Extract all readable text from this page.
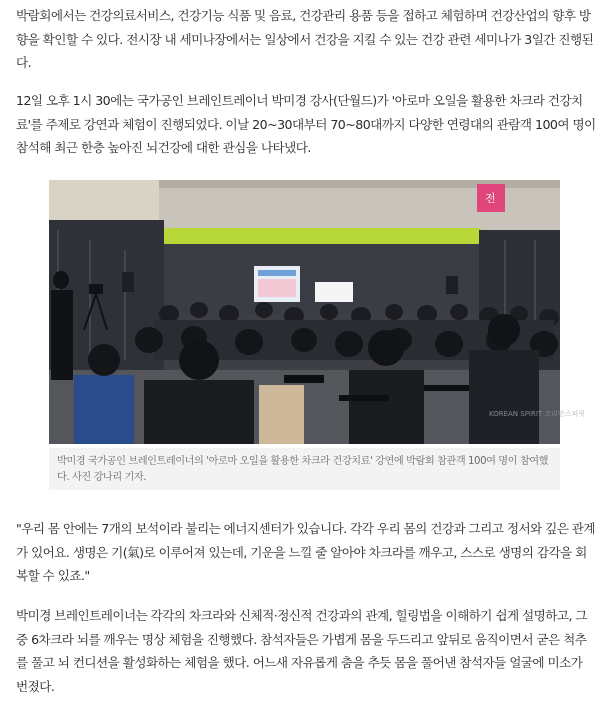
박람회에서는 건강의료서비스, 건강기능 식품 및 음료, 건강관리 용품 등을 접하고 체험하며 건강산업의 향후 방향을 확인할 수 있다. 전시장 내 세미나장에서는 일상에서 건강을 지킬 수 있는 건강 관련 세미나가 3일간 진행된다.

12일 오후 1시 30에는 국가공인 브레인트레이너 박미경 강사(단월드)가 '아로마 오일을 활용한 차크라 건강치료'를 주제로 강연과 체험이 진행되었다. 이날 20~30대부터 70~80대까지 다양한 연령대의 관람객 100여 명이 참석해 최근 한층 높아진 뇌건강에 대한 관심을 나타냈다.

전
KOREAN SPIRIT 코리안스피릿
박미경 국가공인 브레인트레이너의 '아로마 오일을 활용한 차크라 건강치료' 강연에 박람회 참관객 100여 명이 참여했다. 사진 강나리 기자.

"우리 몸 안에는 7개의 보석이라 불리는 에너지센터가 있습니다. 각각 우리 몸의 건강과 그리고 정서와 깊은 관계가 있어요. 생명은 기(氣)로 이루어져 있는데, 기운을 느낄 줄 알아야 차크라를 깨우고, 스스로 생명의 감각을 회복할 수 있죠."

박미경 브레인트레이너는 각각의 차크라와 신체적·정신적 건강과의 관계, 힐링법을 이해하기 쉽게 설명하고, 그중 6차크라 뇌를 깨우는 명상 체험을 진행했다. 참석자들은 가볍게 몸을 두드리고 앞뒤로 움직이면서 굳은 척추를 풀고 뇌 컨디션을 활성화하는 체험을 했다. 어느새 자유롭게 춤을 추듯 몸을 풀어낸 참석자들 얼굴에 미소가 번졌다.
